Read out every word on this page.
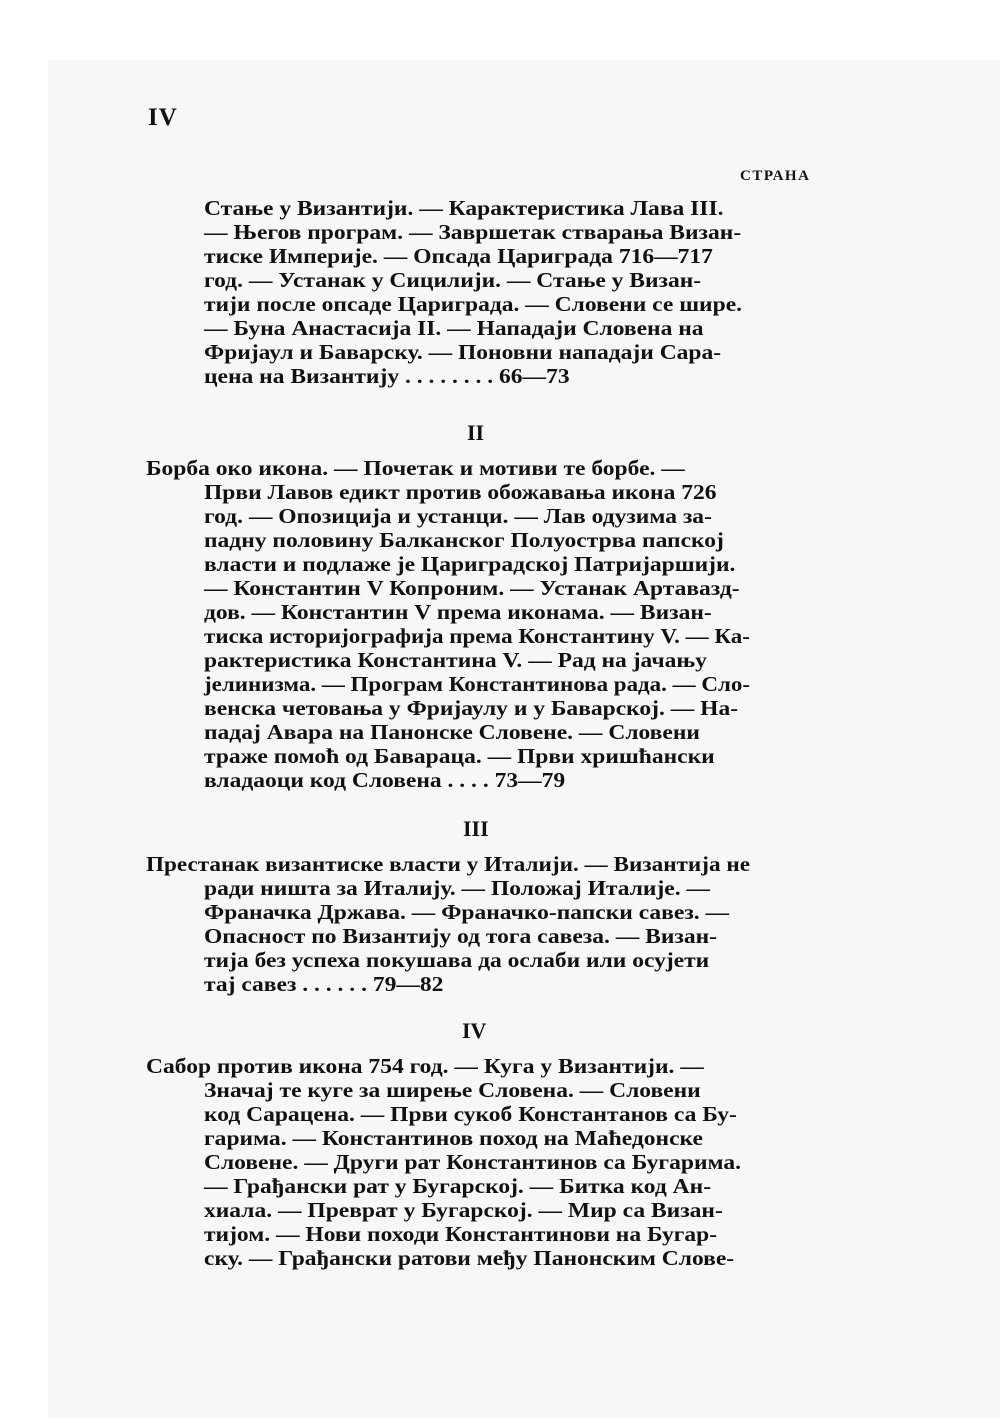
IV
СТРАНА
Стање у Византији. — Карактеристика Лава III.
— Његов програм. — Завршетак стварања Визан-
тиске Империје. — Опсада Цариграда 716—717
год. — Устанак у Сицилији. — Стање у Визан-
тији после опсаде Цариграда. — Словени се шире.
— Буна Анастасија II. — Нападаји Словена на
Фријаул и Баварску. — Поновни нападаји Сара-
цена на Византију . . . . . . . . 66—73
II
Борба око икона. — Почетак и мотиви те борбе. —
Први Лавов едикт против обожавања икона 726
год. — Опозиција и устанци. — Лав одузима за-
падну половину Балканског Полуострва папској
власти и подлаже је Цариградској Патријаршији.
— Константин V Копроним. — Устанак Артавазд-
дов. — Константин V према иконама. — Визан-
тиска историјографија према Константину V. — Ка-
рактеристика Константина V. — Рад на јачању
јелинизма. — Програм Константинова рада. — Сло-
венска четовања у Фријаулу и у Баварској. — На-
падај Авара на Панонске Словене. — Словени
траже помоћ од Бавараца. — Први хришћански
владаоци код Словена . . . . 73—79
III
Престанак византиске власти у Италији. — Византија не
ради ништа за Италију. — Положај Италије. —
Франачка Држава. — Франачко-папски савез. —
Опасност по Византију од тога савеза. — Визан-
тија без успеха покушава да ослаби или осујети
тај савез . . . . . . 79—82
IV
Сабор против икона 754 год. — Куга у Византији. —
Значај те куге за ширење Словена. — Словени
код Сарацена. — Први сукоб Константанов са Бу-
гарима. — Константинов поход на Маћедонске
Словене. — Други рат Константинов са Бугарима.
— Грађански рат у Бугарској. — Битка код Ан-
хиала. — Преврат у Бугарској. — Мир са Визан-
тијом. — Нови походи Константинови на Бугар-
ску. — Грађански ратови међу Панонским Слове-
